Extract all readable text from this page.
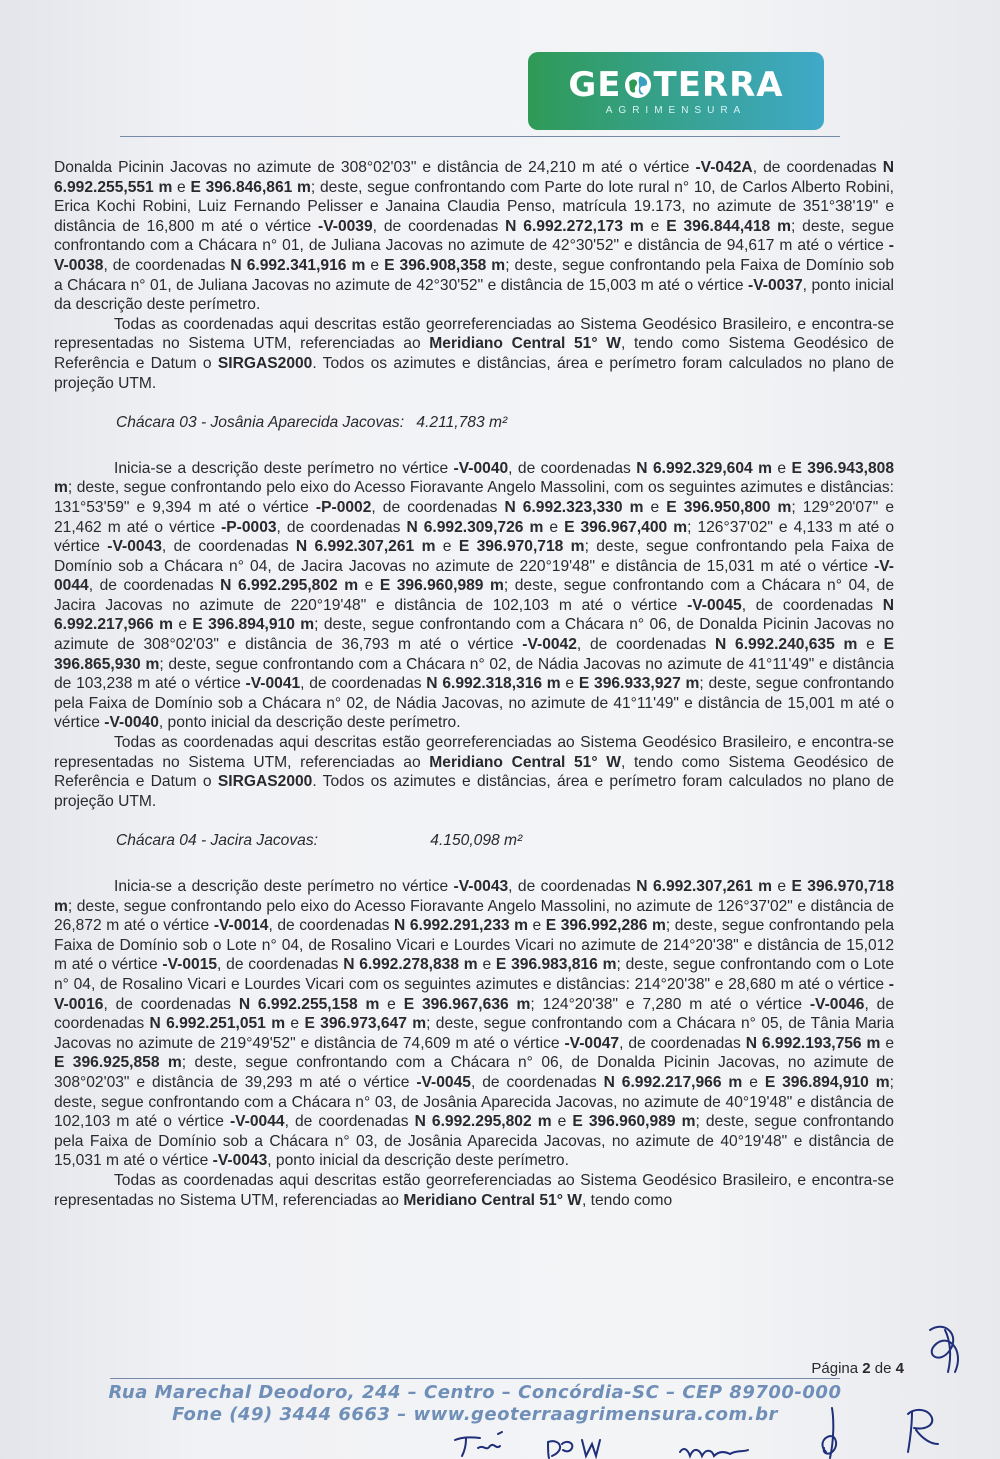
GE TERRA
AGRIMENSURA

Donalda Picinin Jacovas no azimute de 308°02'03" e distância de 24,210 m até o vértice -V-042A, de coordenadas N 6.992.255,551 m e E 396.846,861 m; deste, segue confrontando com Parte do lote rural n° 10, de Carlos Alberto Robini, Erica Kochi Robini, Luiz Fernando Pelisser e Janaina Claudia Penso, matrícula 19.173, no azimute de 351°38'19" e distância de 16,800 m até o vértice -V-0039, de coordenadas N 6.992.272,173 m e E 396.844,418 m; deste, segue confrontando com a Chácara n° 01, de Juliana Jacovas no azimute de 42°30'52" e distância de 94,617 m até o vértice -V-0038, de coordenadas N 6.992.341,916 m e E 396.908,358 m; deste, segue confrontando pela Faixa de Domínio sob a Chácara n° 01, de Juliana Jacovas no azimute de 42°30'52" e distância de 15,003 m até o vértice -V-0037, ponto inicial da descrição deste perímetro.

Todas as coordenadas aqui descritas estão georreferenciadas ao Sistema Geodésico Brasileiro, e encontra-se representadas no Sistema UTM, referenciadas ao Meridiano Central 51° W, tendo como Sistema Geodésico de Referência e Datum o SIRGAS2000. Todos os azimutes e distâncias, área e perímetro foram calculados no plano de projeção UTM.

Chácara 03 - Josânia Aparecida Jacovas: 4.211,783 m²

Inicia-se a descrição deste perímetro no vértice -V-0040, de coordenadas N 6.992.329,604 m e E 396.943,808 m; deste, segue confrontando pelo eixo do Acesso Fioravante Angelo Massolini, com os seguintes azimutes e distâncias: 131°53'59" e 9,394 m até o vértice -P-0002, de coordenadas N 6.992.323,330 m e E 396.950,800 m; 129°20'07" e 21,462 m até o vértice -P-0003, de coordenadas N 6.992.309,726 m e E 396.967,400 m; 126°37'02" e 4,133 m até o vértice -V-0043, de coordenadas N 6.992.307,261 m e E 396.970,718 m; deste, segue confrontando pela Faixa de Domínio sob a Chácara n° 04, de Jacira Jacovas no azimute de 220°19'48" e distância de 15,031 m até o vértice -V-0044, de coordenadas N 6.992.295,802 m e E 396.960,989 m; deste, segue confrontando com a Chácara n° 04, de Jacira Jacovas no azimute de 220°19'48" e distância de 102,103 m até o vértice -V-0045, de coordenadas N 6.992.217,966 m e E 396.894,910 m; deste, segue confrontando com a Chácara n° 06, de Donalda Picinin Jacovas no azimute de 308°02'03" e distância de 36,793 m até o vértice -V-0042, de coordenadas N 6.992.240,635 m e E 396.865,930 m; deste, segue confrontando com a Chácara n° 02, de Nádia Jacovas no azimute de 41°11'49" e distância de 103,238 m até o vértice -V-0041, de coordenadas N 6.992.318,316 m e E 396.933,927 m; deste, segue confrontando pela Faixa de Domínio sob a Chácara n° 02, de Nádia Jacovas, no azimute de 41°11'49" e distância de 15,001 m até o vértice -V-0040, ponto inicial da descrição deste perímetro.

Todas as coordenadas aqui descritas estão georreferenciadas ao Sistema Geodésico Brasileiro, e encontra-se representadas no Sistema UTM, referenciadas ao Meridiano Central 51° W, tendo como Sistema Geodésico de Referência e Datum o SIRGAS2000. Todos os azimutes e distâncias, área e perímetro foram calculados no plano de projeção UTM.

Chácara 04 - Jacira Jacovas:	4.150,098 m²

Inicia-se a descrição deste perímetro no vértice -V-0043, de coordenadas N 6.992.307,261 m e E 396.970,718 m; deste, segue confrontando pelo eixo do Acesso Fioravante Angelo Massolini, no azimute de 126°37'02" e distância de 26,872 m até o vértice -V-0014, de coordenadas N 6.992.291,233 m e E 396.992,286 m; deste, segue confrontando pela Faixa de Domínio sob o Lote n° 04, de Rosalino Vicari e Lourdes Vicari no azimute de 214°20'38" e distância de 15,012 m até o vértice -V-0015, de coordenadas N 6.992.278,838 m e E 396.983,816 m; deste, segue confrontando com o Lote n° 04, de Rosalino Vicari e Lourdes Vicari com os seguintes azimutes e distâncias: 214°20'38" e 28,680 m até o vértice -V-0016, de coordenadas N 6.992.255,158 m e E 396.967,636 m; 124°20'38" e 7,280 m até o vértice -V-0046, de coordenadas N 6.992.251,051 m e E 396.973,647 m; deste, segue confrontando com a Chácara n° 05, de Tânia Maria Jacovas no azimute de 219°49'52" e distância de 74,609 m até o vértice -V-0047, de coordenadas N 6.992.193,756 m e E 396.925,858 m; deste, segue confrontando com a Chácara n° 06, de Donalda Picinin Jacovas, no azimute de 308°02'03" e distância de 39,293 m até o vértice -V-0045, de coordenadas N 6.992.217,966 m e E 396.894,910 m; deste, segue confrontando com a Chácara n° 03, de Josânia Aparecida Jacovas, no azimute de 40°19'48" e distância de 102,103 m até o vértice -V-0044, de coordenadas N 6.992.295,802 m e E 396.960,989 m; deste, segue confrontando pela Faixa de Domínio sob a Chácara n° 03, de Josânia Aparecida Jacovas, no azimute de 40°19'48" e distância de 15,031 m até o vértice -V-0043, ponto inicial da descrição deste perímetro.

Todas as coordenadas aqui descritas estão georreferenciadas ao Sistema Geodésico Brasileiro, e encontra-se representadas no Sistema UTM, referenciadas ao Meridiano Central 51° W, tendo como

Página 2 de 4
Rua Marechal Deodoro, 244 – Centro – Concórdia-SC – CEP 89700-000
Fone (49) 3444 6663 – www.geoterraagrimensura.com.br
